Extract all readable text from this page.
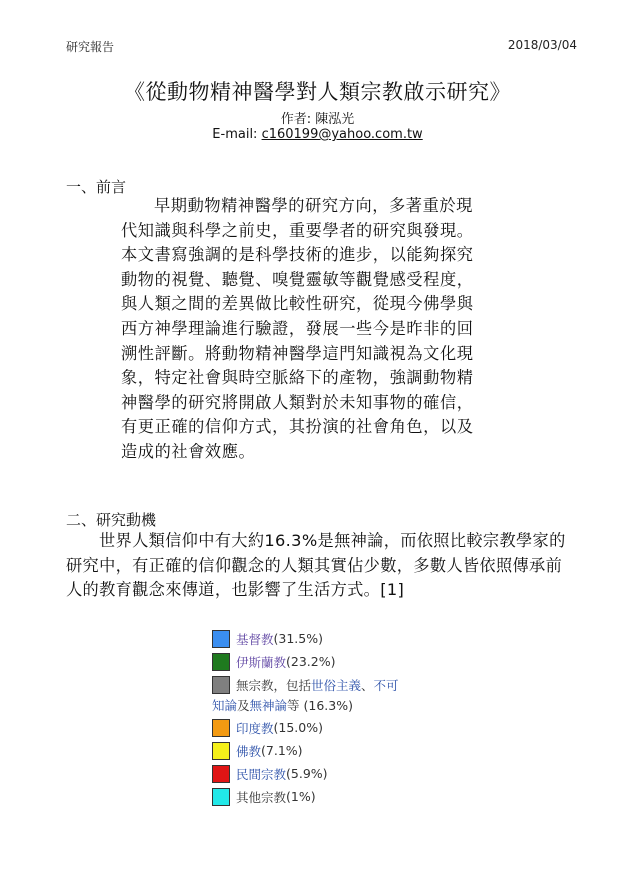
研究報告	2018/03/04
《從動物精神醫學對人類宗教啟示研究》
作者: 陳泓光
E-mail: c160199@yahoo.com.tw
一、前言

早期動物精神醫學的研究方向，多著重於現代知識與科學之前史，重要學者的研究與發現。本文書寫強調的是科學技術的進步，以能夠探究動物的視覺、聽覺、嗅覺靈敏等觀覺感受程度，與人類之間的差異做比較性研究，從現今佛學與西方神學理論進行驗證，發展一些今是昨非的回溯性評斷。將動物精神醫學這門知識視為文化現象，特定社會與時空脈絡下的產物，強調動物精神醫學的研究將開啟人類對於未知事物的確信，有更正確的信仰方式，其扮演的社會角色，以及造成的社會效應。

二、研究動機

世界人類信仰中有大約16.3%是無神論，而依照比較宗教學家的研究中，有正確的信仰觀念的人類其實佔少數，多數人皆依照傳承前人的教育觀念來傳道，也影響了生活方式。[1]

基督教 (31.5%)
伊斯蘭教 (23.2%)
無宗教，包括 世俗主義 、 不可
知論及無神論等 (16.3%)
印度教 (15.0%)
佛教 (7.1%)
民間宗教 (5.9%)
其他宗教 (1%)
